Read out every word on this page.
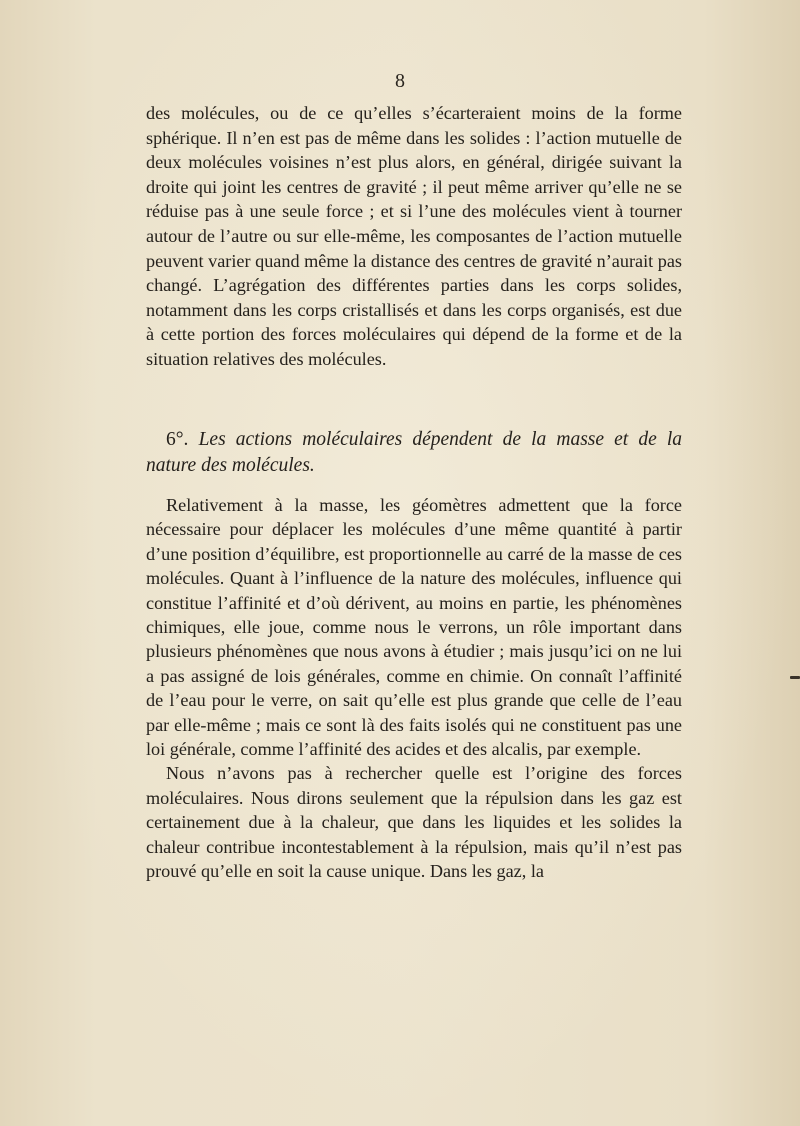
8

des molécules, ou de ce qu’elles s’écarteraient moins de la forme sphérique. Il n’en est pas de même dans les solides : l’action mutuelle de deux molécules voisines n’est plus alors, en général, dirigée suivant la droite qui joint les centres de gravité ; il peut même arriver qu’elle ne se réduise pas à une seule force ; et si l’une des molécules vient à tourner autour de l’autre ou sur elle-même, les composantes de l’action mutuelle peuvent varier quand même la distance des centres de gravité n’aurait pas changé. L’agrégation des différentes parties dans les corps solides, notamment dans les corps cristallisés et dans les corps organisés, est due à cette portion des forces moléculaires qui dépend de la forme et de la situation relatives des molécules.

6°. Les actions moléculaires dépendent de la masse et de la nature des molécules.

Relativement à la masse, les géomètres admettent que la force nécessaire pour déplacer les molécules d’une même quantité à partir d’une position d’équilibre, est proportionnelle au carré de la masse de ces molécules. Quant à l’influence de la nature des molécules, influence qui constitue l’affinité et d’où dérivent, au moins en partie, les phénomènes chimiques, elle joue, comme nous le verrons, un rôle important dans plusieurs phénomènes que nous avons à étudier ; mais jusqu’ici on ne lui a pas assigné de lois générales, comme en chimie. On connaît l’affinité de l’eau pour le verre, on sait qu’elle est plus grande que celle de l’eau par elle-même ; mais ce sont là des faits isolés qui ne constituent pas une loi générale, comme l’affinité des acides et des alcalis, par exemple.

Nous n’avons pas à rechercher quelle est l’origine des forces moléculaires. Nous dirons seulement que la répulsion dans les gaz est certainement due à la chaleur, que dans les liquides et les solides la chaleur contribue incontestablement à la répulsion, mais qu’il n’est pas prouvé qu’elle en soit la cause unique. Dans les gaz, la
